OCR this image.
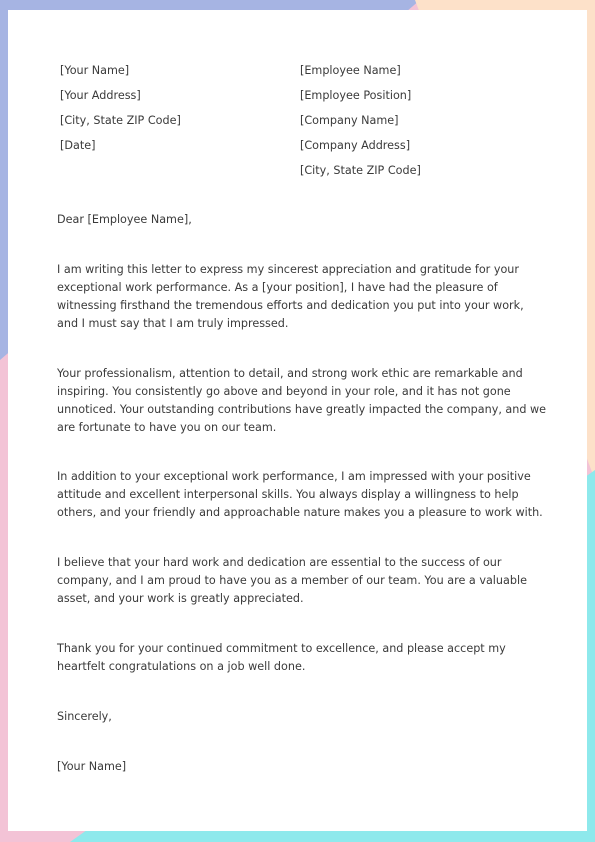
[Your Name]
[Your Address]
[City, State ZIP Code]
[Date]
[Employee Name]
[Employee Position]
[Company Name]
[Company Address]
[City, State ZIP Code]
Dear [Employee Name],

I am writing this letter to express my sincerest appreciation and gratitude for your exceptional work performance. As a [your position], I have had the pleasure of witnessing firsthand the tremendous efforts and dedication you put into your work, and I must say that I am truly impressed.

Your professionalism, attention to detail, and strong work ethic are remarkable and inspiring. You consistently go above and beyond in your role, and it has not gone unnoticed. Your outstanding contributions have greatly impacted the company, and we are fortunate to have you on our team.

In addition to your exceptional work performance, I am impressed with your positive attitude and excellent interpersonal skills. You always display a willingness to help others, and your friendly and approachable nature makes you a pleasure to work with.

I believe that your hard work and dedication are essential to the success of our company, and I am proud to have you as a member of our team. You are a valuable asset, and your work is greatly appreciated.

Thank you for your continued commitment to excellence, and please accept my heartfelt congratulations on a job well done.

Sincerely,
[Your Name]
